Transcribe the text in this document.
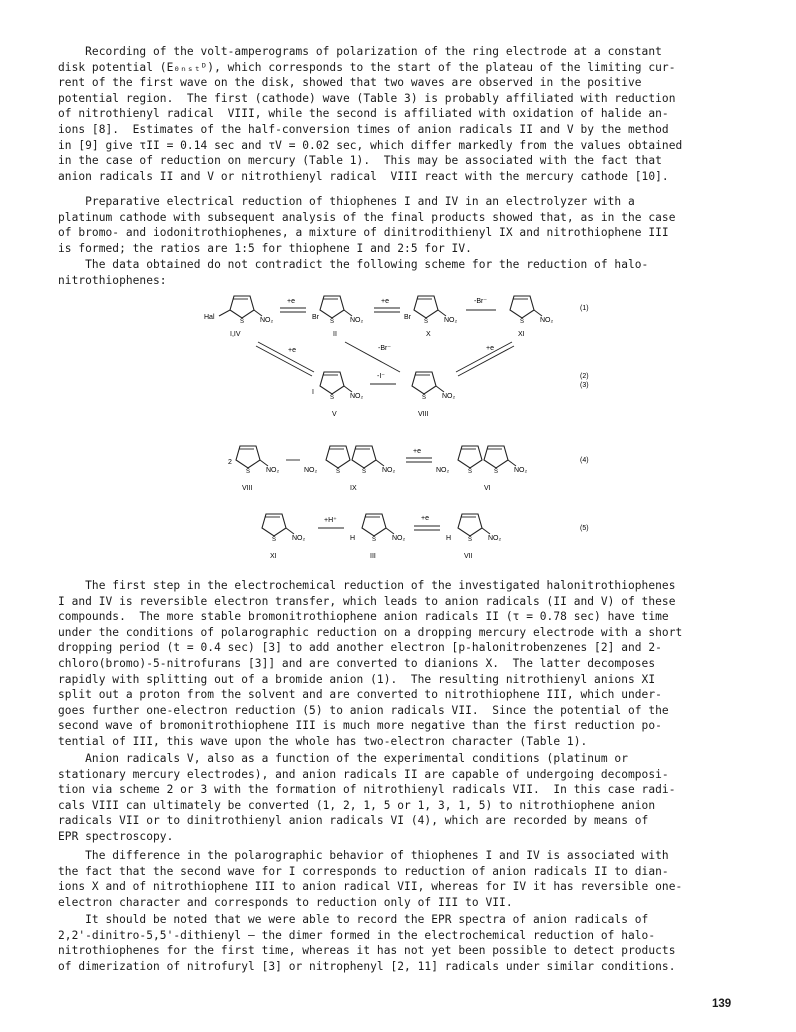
Recording of the volt-amperograms of polarization of the ring electrode at a constant
disk potential (E₀ₙₛₜᴰ), which corresponds to the start of the plateau of the limiting cur-
rent of the first wave on the disk, showed that two waves are observed in the positive
potential region.  The first (cathode) wave (Table 3) is probably affiliated with reduction
of nitrothienyl radical  VIII, while the second is affiliated with oxidation of halide an-
ions [8].  Estimates of the half-conversion times of anion radicals II and V by the method
in [9] give τII = 0.14 sec and τV = 0.02 sec, which differ markedly from the values obtained
in the case of reduction on mercury (Table 1).  This may be associated with the fact that
anion radicals II and V or nitrothienyl radical  VIII react with the mercury cathode [10].
Preparative electrical reduction of thiophenes I and IV in an electrolyzer with a
platinum cathode with subsequent analysis of the final products showed that, as in the case
of bromo- and iodonitrothiophenes, a mixture of dinitrodithienyl IX and nitrothiophene III
is formed; the ratios are 1:5 for thiophene I and 2:5 for IV.
The data obtained do not contradict the following scheme for the reduction of halo-
nitrothiophenes:
Hal
S NO₂
I,IV
+e
Br
S NO₂
II
+e
Br
S NO₂
X
-Br⁻
S NO₂
XI
(1)
+e	-Br⁻	+e
I
S NO₂
V
-I⁻
S NO₂
VIII
(2)
(3)
2
S NO₂
VIII
NO₂	S	S NO₂
IX
+e
NO₂	S	S NO₂
VI
(4)
S NO₂
XI
+H⁺
H	S NO₂
III
+e
H	S NO₂
VII
(5)
The first step in the electrochemical reduction of the investigated halonitrothiophenes
I and IV is reversible electron transfer, which leads to anion radicals (II and V) of these
compounds.  The more stable bromonitrothiophene anion radicals II (τ = 0.78 sec) have time
under the conditions of polarographic reduction on a dropping mercury electrode with a short
dropping period (t = 0.4 sec) [3] to add another electron [p-halonitrobenzenes [2] and 2-
chloro(bromo)-5-nitrofurans [3]] and are converted to dianions X.  The latter decomposes
rapidly with splitting out of a bromide anion (1).  The resulting nitrothienyl anions XI
split out a proton from the solvent and are converted to nitrothiophene III, which under-
goes further one-electron reduction (5) to anion radicals VII.  Since the potential of the
second wave of bromonitrothiophene III is much more negative than the first reduction po-
tential of III, this wave upon the whole has two-electron character (Table 1).
Anion radicals V, also as a function of the experimental conditions (platinum or
stationary mercury electrodes), and anion radicals II are capable of undergoing decomposi-
tion via scheme 2 or 3 with the formation of nitrothienyl radicals VII.  In this case radi-
cals VIII can ultimately be converted (1, 2, 1, 5 or 1, 3, 1, 5) to nitrothiophene anion
radicals VII or to dinitrothienyl anion radicals VI (4), which are recorded by means of
EPR spectroscopy.
The difference in the polarographic behavior of thiophenes I and IV is associated with
the fact that the second wave for I corresponds to reduction of anion radicals II to dian-
ions X and of nitrothiophene III to anion radical VII, whereas for IV it has reversible one-
electron character and corresponds to reduction only of III to VII.
It should be noted that we were able to record the EPR spectra of anion radicals of
2,2'-dinitro-5,5'-dithienyl — the dimer formed in the electrochemical reduction of halo-
nitrothiophenes for the first time, whereas it has not yet been possible to detect products
of dimerization of nitrofuryl [3] or nitrophenyl [2, 11] radicals under similar conditions.
139
